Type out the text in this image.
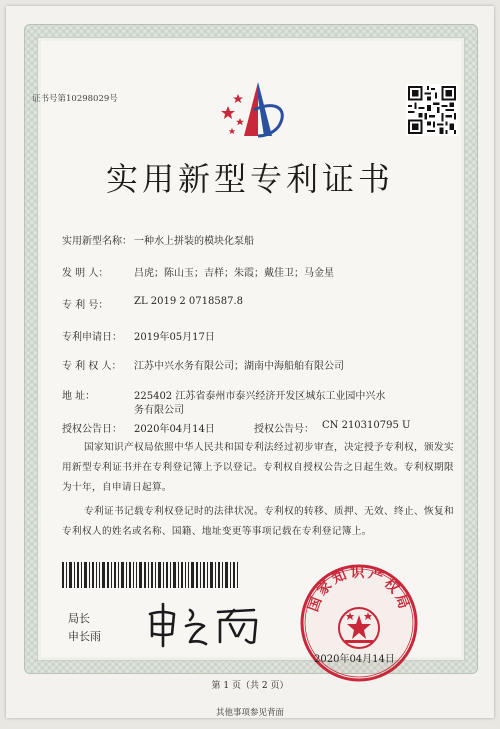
证书号第10298029号
实用新型专利证书
实用新型名称： 一种水上拼装的模块化泵船
发 明 人：	吕虎；陈山玉；吉样；朱霞；戴佳卫；马金星
专 利 号：	ZL 2019 2 0718587.8
专利申请日： 2019年05月17日
专 利 权 人： 江苏中兴水务有限公司；湖南中海船舶有限公司
地 址：	225402 江苏省泰州市泰兴经济开发区城东工业园中兴水
务有限公司
授权公告日： 2020年04月14日	授权公告号： CN 210310795 U
国家知识产权局依照中华人民共和国专利法经过初步审查，决定授予专利权，颁发实用新型专利证书并在专利登记簿上予以登记。专利权自授权公告之日起生效。专利权期限为十年，自申请日起算。
专利证书记载专利权登记时的法律状况。专利权的转移、质押、无效、终止、恢复和专利权人的姓名或名称、国籍、地址变更等事项记载在专利登记簿上。
局长
申长雨
国家知识产权局
2020年04月14日
第 1 页（共 2 页）
其他事项参见背面
